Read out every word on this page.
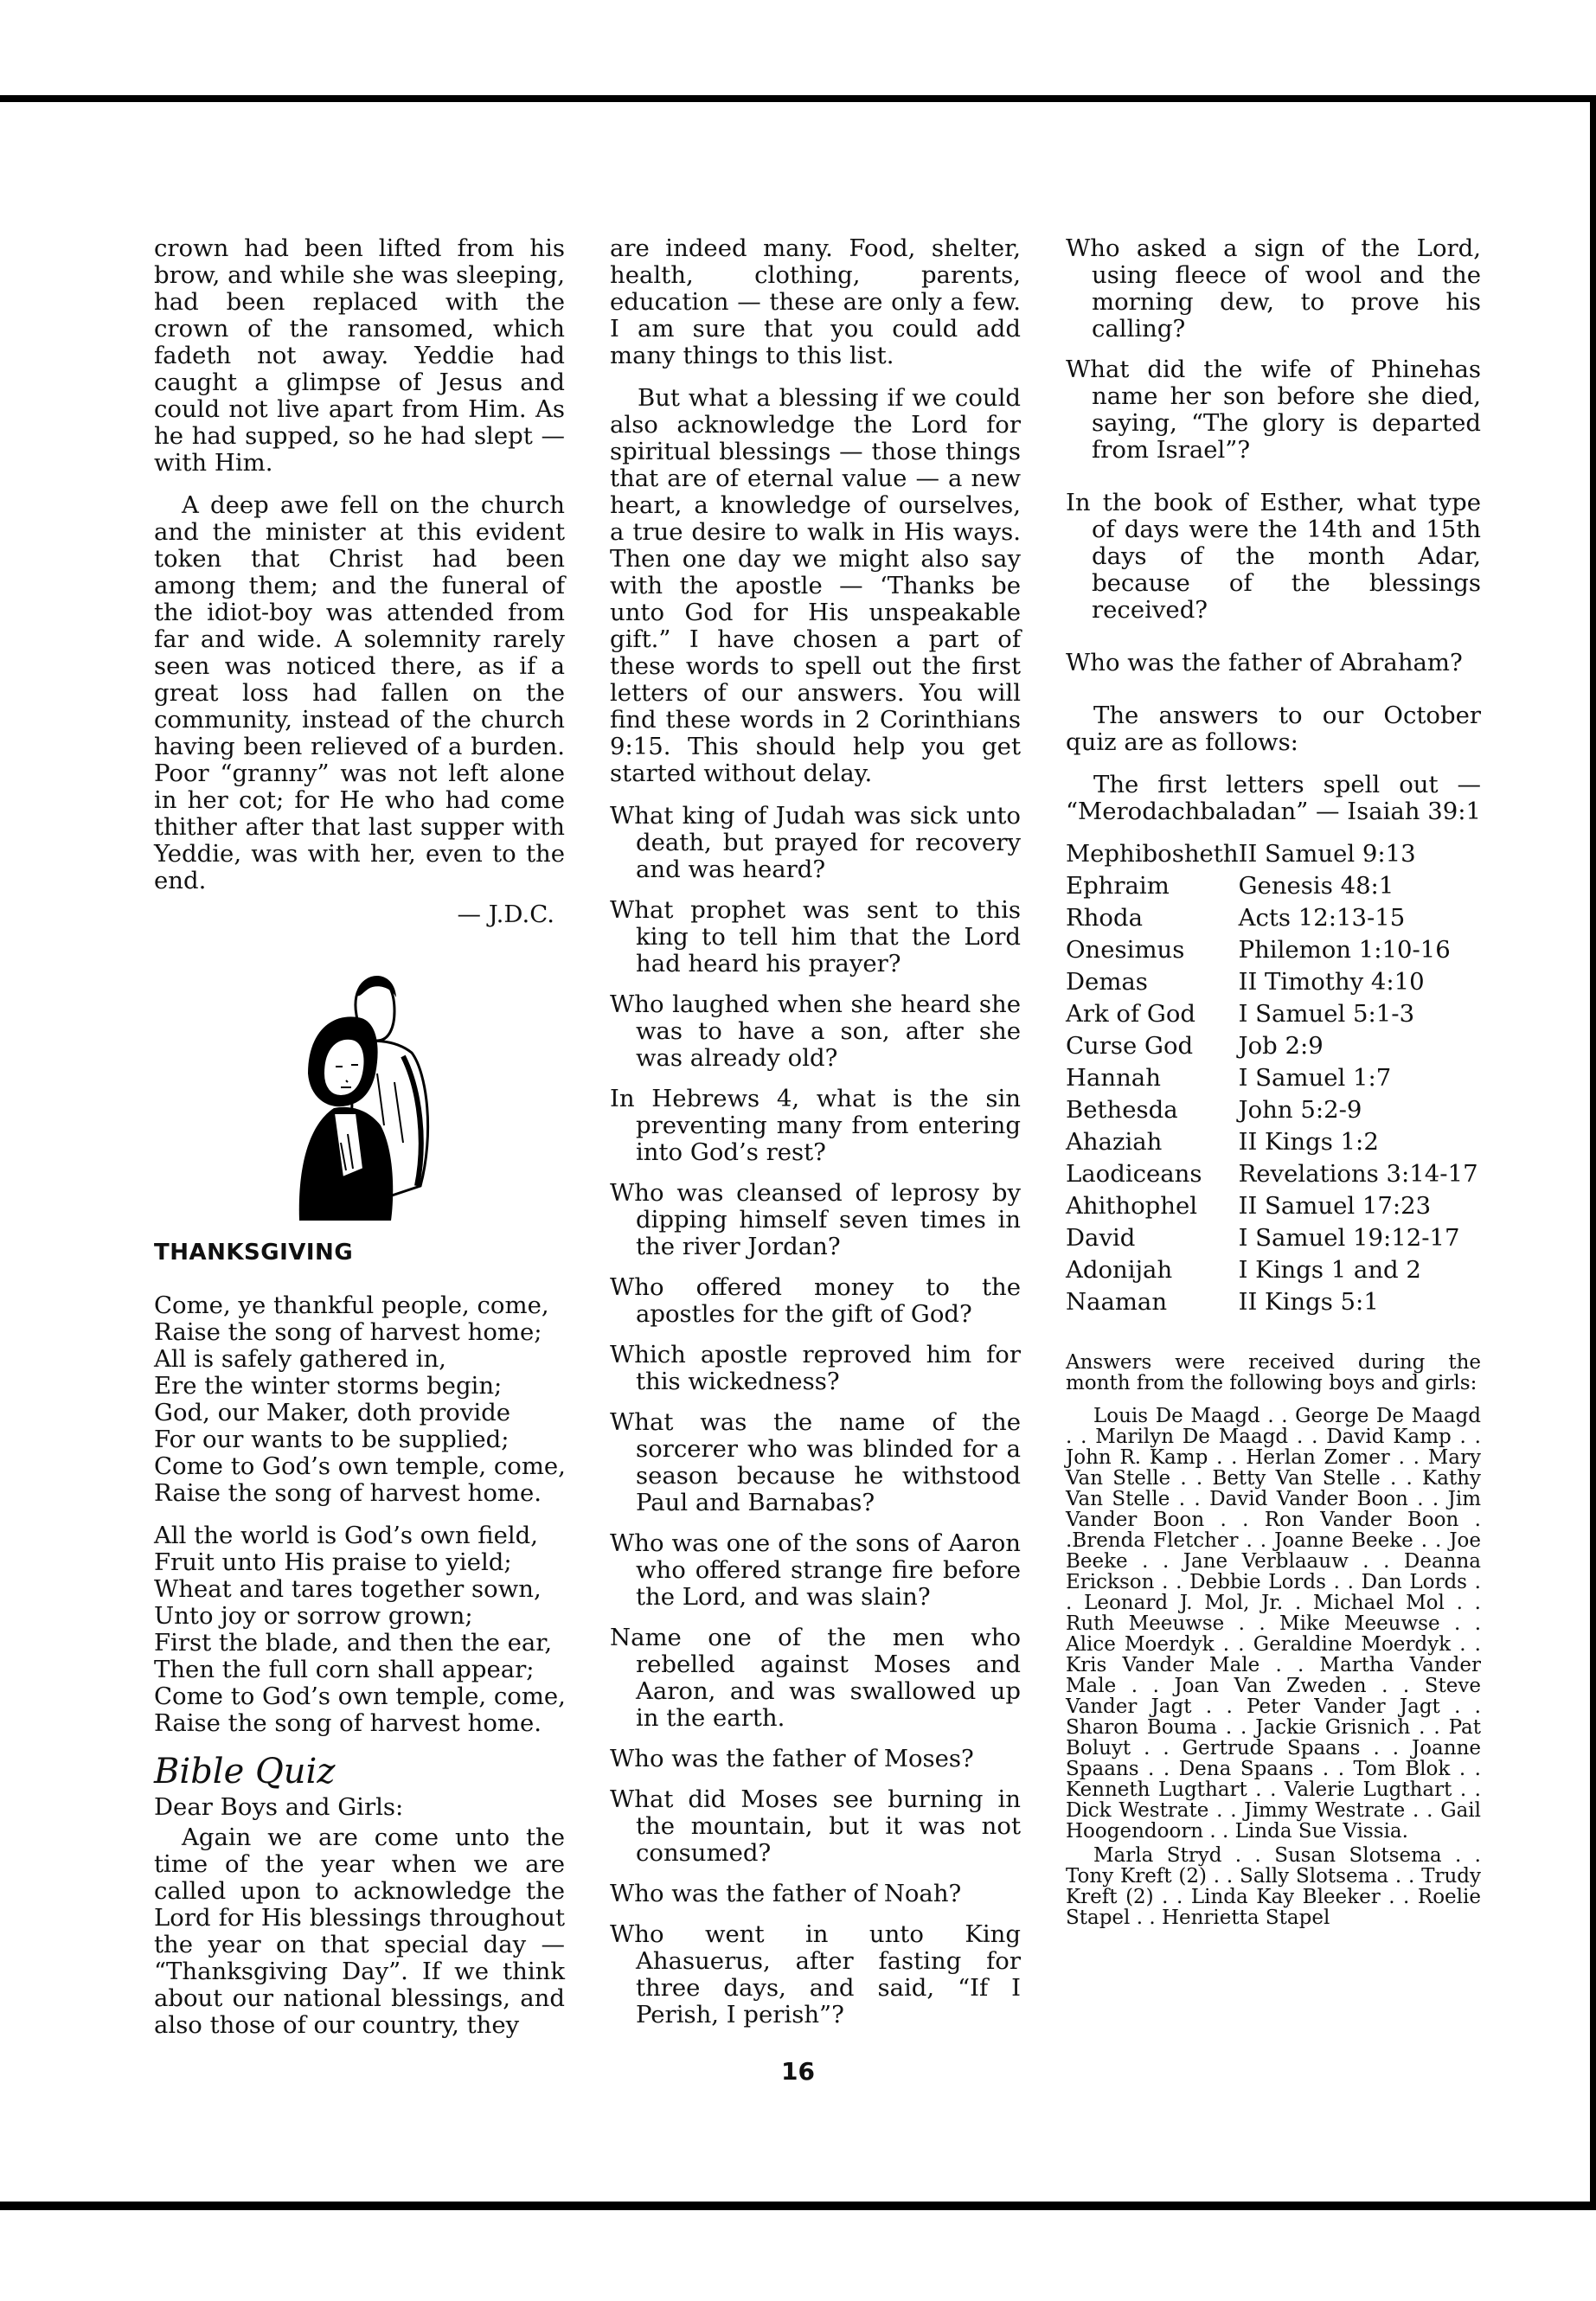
crown had been lifted from his brow, and while she was sleeping, had been replaced with the crown of the ransomed, which fadeth not away. Yeddie had caught a glimpse of Jesus and could not live apart from Him. As he had supped, so he had slept — with Him.

A deep awe fell on the church and the minister at this evident token that Christ had been among them; and the funeral of the idiot-boy was attended from far and wide. A solemnity rarely seen was noticed there, as if a great loss had fallen on the community, instead of the church having been relieved of a burden. Poor “granny” was not left alone in her cot; for He who had come thither after that last supper with Yeddie, was with her, even to the end.

— J.D.C.

THANKSGIVING
Come, ye thankful people, come,
Raise the song of harvest home;
All is safely gathered in,
Ere the winter storms begin;
God, our Maker, doth provide
For our wants to be supplied;
Come to God’s own temple, come,
Raise the song of harvest home.
All the world is God’s own field,
Fruit unto His praise to yield;
Wheat and tares together sown,
Unto joy or sorrow grown;
First the blade, and then the ear,
Then the full corn shall appear;
Come to God’s own temple, come,
Raise the song of harvest home.
Bible Quiz

Dear Boys and Girls:

Again we are come unto the time of the year when we are called upon to acknowledge the Lord for His blessings throughout the year on that special day — “Thanksgiving Day”. If we think about our national blessings, and also those of our country, they

are indeed many. Food, shelter, health, clothing, parents, education — these are only a few. I am sure that you could add many things to this list.

But what a blessing if we could also acknowledge the Lord for spiritual blessings — those things that are of eternal value — a new heart, a knowledge of ourselves, a true desire to walk in His ways. Then one day we might also say with the apostle — ‘Thanks be unto God for His unspeakable gift.” I have chosen a part of these words to spell out the first letters of our answers. You will find these words in 2 Corinthians 9:15. This should help you get started without delay.

What king of Judah was sick unto death, but prayed for recovery and was heard?

What prophet was sent to this king to tell him that the Lord had heard his prayer?

Who laughed when she heard she was to have a son, after she was already old?

In Hebrews 4, what is the sin preventing many from entering into God’s rest?

Who was cleansed of leprosy by dipping himself seven times in the river Jordan?

Who offered money to the apostles for the gift of God?

Which apostle reproved him for this wickedness?

What was the name of the sorcerer who was blinded for a season because he withstood Paul and Barnabas?

Who was one of the sons of Aaron who offered strange fire before the Lord, and was slain?

Name one of the men who rebelled against Moses and Aaron, and was swallowed up in the earth.

Who was the father of Moses?

What did Moses see burning in the mountain, but it was not consumed?

Who was the father of Noah?

Who went in unto King Ahasuerus, after fasting for three days, and said, “If I Perish, I perish”?

Who asked a sign of the Lord, using fleece of wool and the morning dew, to prove his calling?

What did the wife of Phinehas name her son before she died, saying, “The glory is departed from Israel”?

In the book of Esther, what type of days were the 14th and 15th days of the month Adar, because of the blessings received?

Who was the father of Abraham?

The answers to our October quiz are as follows:

The first letters spell out — “Merodachbaladan” — Isaiah 39:1

Mephibosheth	II Samuel 9:13
Ephraim	Genesis 48:1
Rhoda	Acts 12:13-15
Onesimus	Philemon 1:10-16
Demas	II Timothy 4:10
Ark of God	I Samuel 5:1-3
Curse God	Job 2:9
Hannah	I Samuel 1:7
Bethesda	John 5:2-9
Ahaziah	II Kings 1:2
Laodiceans	Revelations 3:14-17
Ahithophel	II Samuel 17:23
David	I Samuel 19:12-17
Adonijah	I Kings 1 and 2
Naaman	II Kings 5:1

Answers were received during the month from the following boys and girls:

Louis De Maagd . . George De Maagd . . Marilyn De Maagd . . David Kamp . . John R. Kamp . . Herlan Zomer . . Mary Van Stelle . . Betty Van Stelle . . Kathy Van Stelle . . David Vander Boon . . Jim Vander Boon . . Ron Vander Boon . .Brenda Fletcher . . Joanne Beeke . . Joe Beeke . . Jane Verblaauw . . Deanna Erickson . . Debbie Lords . . Dan Lords . . Leonard J. Mol, Jr. . Michael Mol . . Ruth Meeuwse . . Mike Meeuwse . . Alice Moerdyk . . Geraldine Moerdyk . . Kris Vander Male . . Martha Vander Male . . Joan Van Zweden . . Steve Vander Jagt . . Peter Vander Jagt . . Sharon Bouma . . Jackie Grisnich . . Pat Boluyt . . Gertrude Spaans . . Joanne Spaans . . Dena Spaans . . Tom Blok . . Kenneth Lugthart . . Valerie Lugthart . . Dick Westrate . . Jimmy Westrate . . Gail Hoogendoorn . . Linda Sue Vissia.

Marla Stryd . . Susan Slotsema . . Tony Kreft (2) . . Sally Slotsema . . Trudy Kreft (2) . . Linda Kay Bleeker . . Roelie Stapel . . Henrietta Stapel

16
